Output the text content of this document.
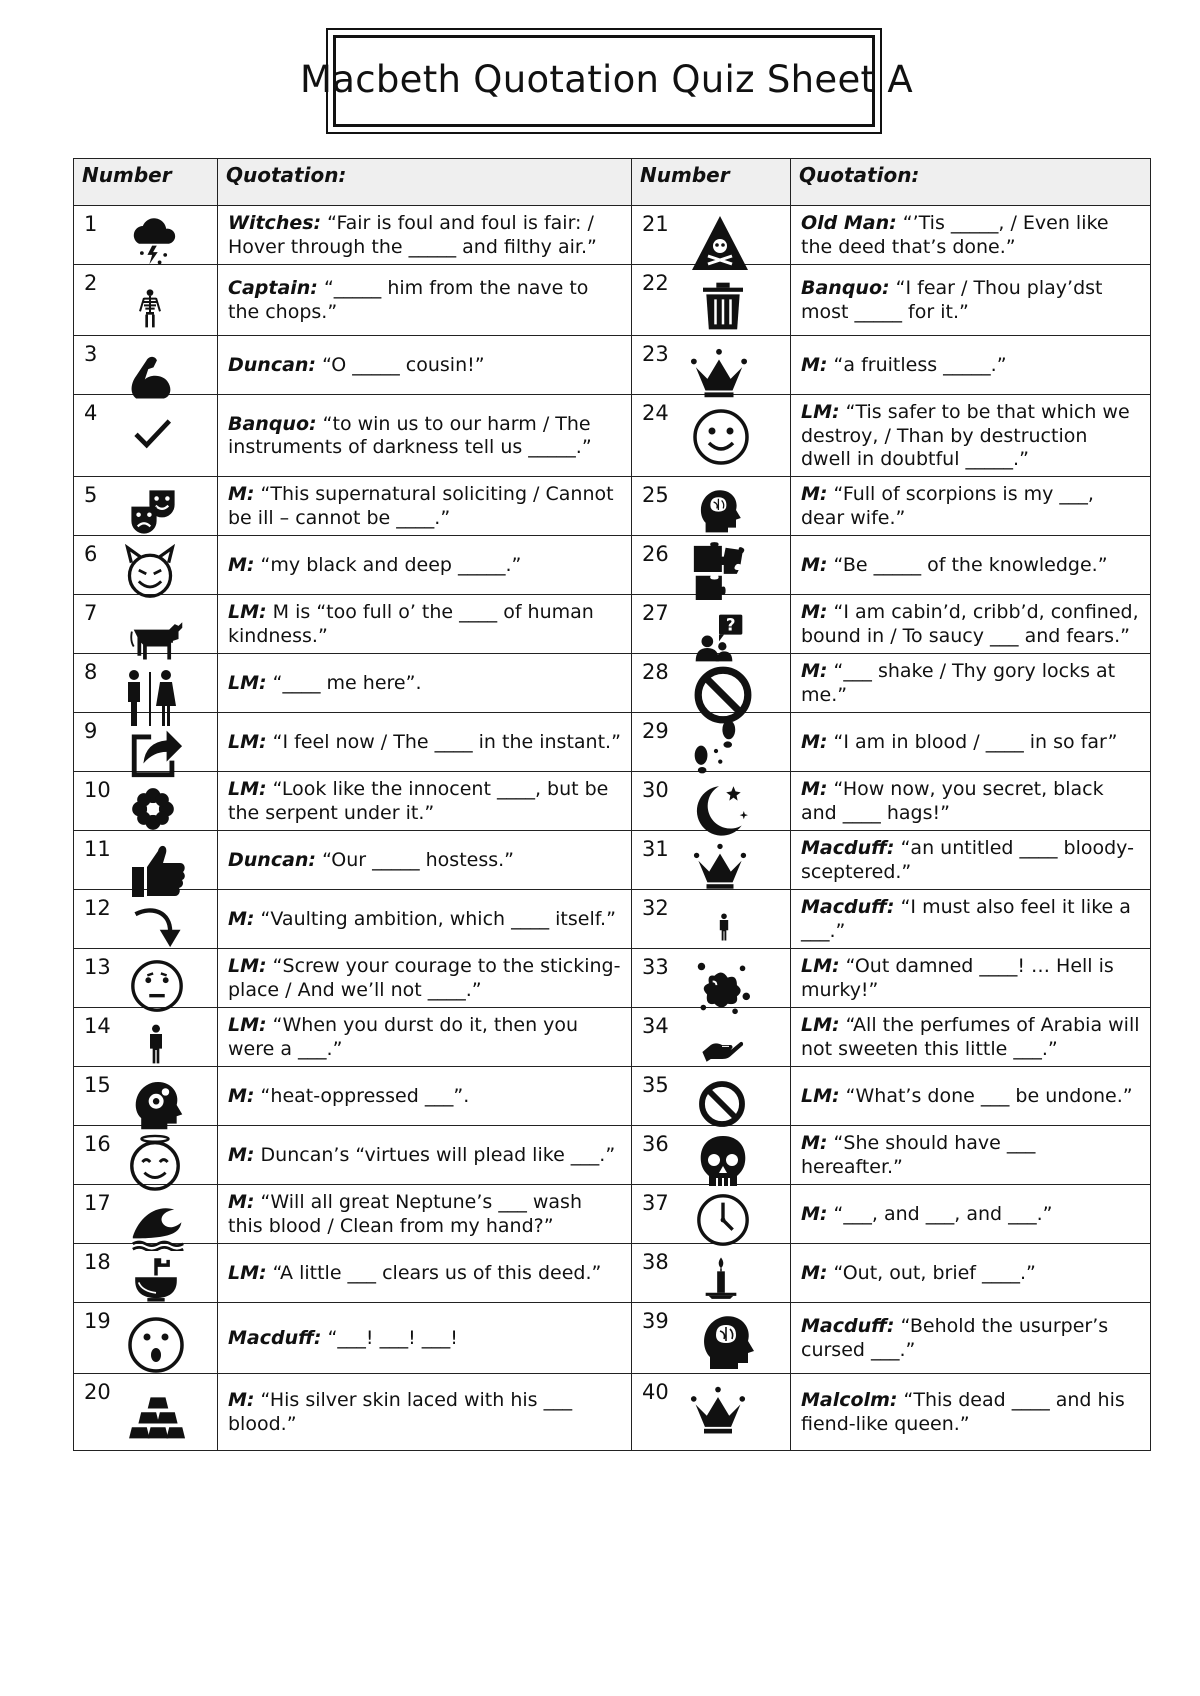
Macbeth Quotation Quiz Sheet A
Number	Quotation:	Number	Quotation:

1	Witches: “Fair is foul and foul is fair: / Hover through the _____ and filthy air.”	21	Old Man: “’Tis _____, / Even like the deed that’s done.”

2	Captain: “_____ him from the nave to the chops.”	22	Banquo: “I fear / Thou play’dst most _____ for it.”

3	Duncan: “O _____ cousin!”	23	M: “a fruitless _____.”

4	Banquo: “to win us to our harm / The instruments of darkness tell us _____.”	24	LM: “Tis safer to be that which we destroy, / Than by destruction dwell in doubtful _____.”

5	M: “This supernatural soliciting / Cannot be ill – cannot be ____.”	25	M: “Full of scorpions is my ___, dear wife.”

6	M: “my black and deep _____.”	26	M: “Be _____ of the knowledge.”

7	LM: M is “too full o’ the ____ of human kindness.”	27 ?	M: “I am cabin’d, cribb’d, confined, bound in / To saucy ___ and fears.”

8	LM: “____ me here”.	28	M: “___ shake / Thy gory locks at me.”

9	LM: “I feel now / The ____ in the instant.”	29	M: “I am in blood / ____ in so far”

10	LM: “Look like the innocent ____, but be the serpent under it.”	30	M: “How now, you secret, black and ____ hags!”

11	Duncan: “Our _____ hostess.”	31	Macduff: “an untitled ____ bloody-sceptered.”

12	M: “Vaulting ambition, which ____ itself.”	32	Macduff: “I must also feel it like a ___.”

13	LM: “Screw your courage to the sticking-place / And we’ll not ____.”	33	LM: “Out damned ____! … Hell is murky!”

14	LM: “When you durst do it, then you were a ___.”	34	LM: “All the perfumes of Arabia will not sweeten this little ___.”

15	M: “heat-oppressed ___”.	35	LM: “What’s done ___ be undone.”

16	M: Duncan’s “virtues will plead like ___.”	36	M: “She should have ___ hereafter.”

17	M: “Will all great Neptune’s ___ wash this blood / Clean from my hand?”	37	M: “___, and ___, and ___.”

18	LM: “A little ___ clears us of this deed.”	38	M: “Out, out, brief ____.”

19	Macduff: “___! ___! ___!	39	Macduff: “Behold the usurper’s cursed ___.”

20	M: “His silver skin laced with his ___ blood.”	40	Malcolm: “This dead ____ and his fiend-like queen.”
